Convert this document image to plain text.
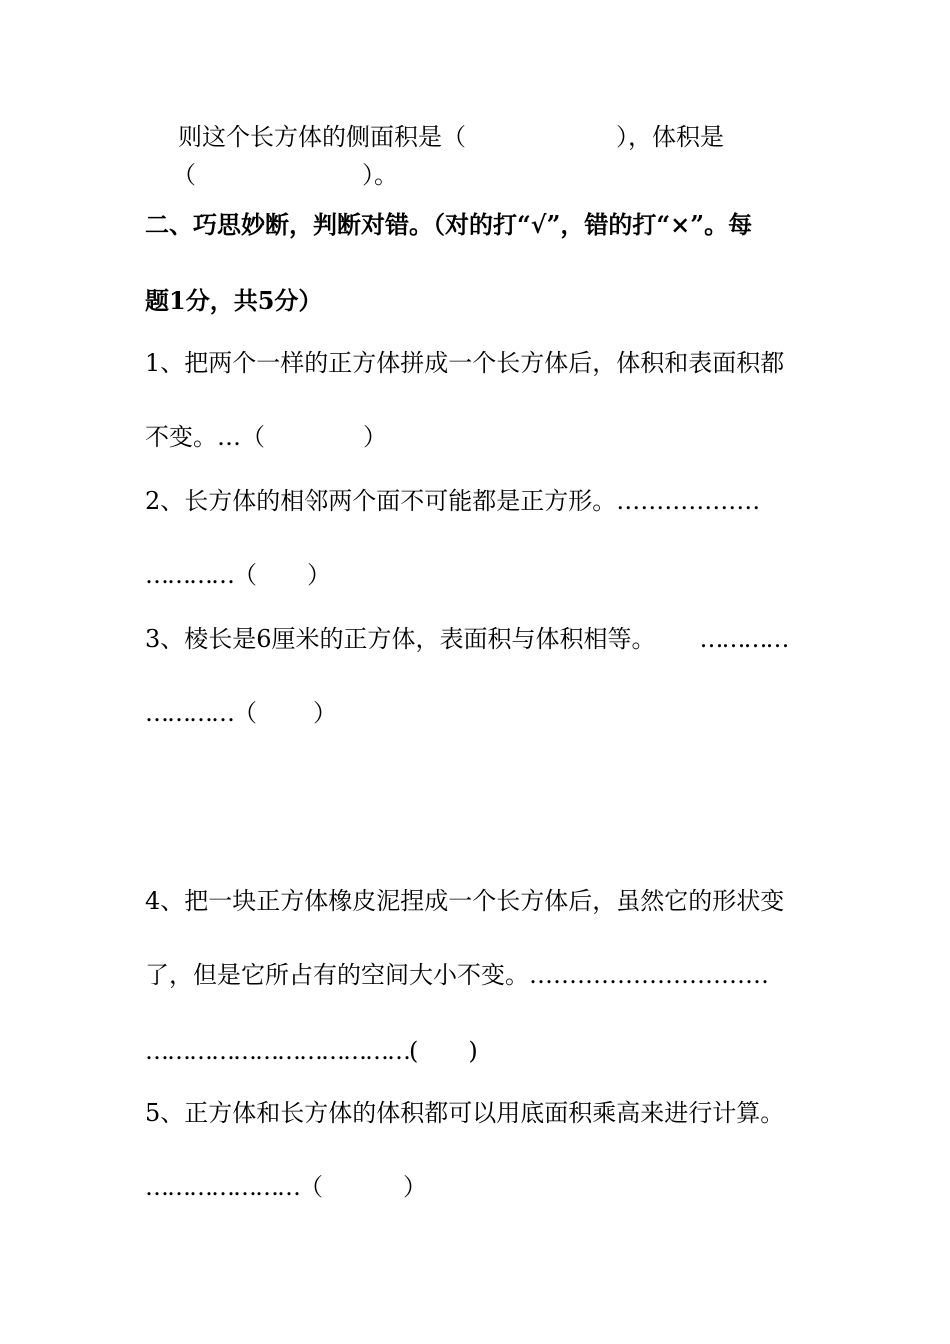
则这个长方体的侧面积是（	），体积是

（	）。

二、巧思妙断，判断对错。（对的打“√”，错的打“×”。每

题1分，共5分）

1、把两个一样的正方体拼成一个长方体后，体积和表面积都

不变。…（	）

2、长方体的相邻两个面不可能都是正方形。………………

…………（ ）

3、棱长是6厘米的正方体，表面积与体积相等。 …………

…………（ ）

4、把一块正方体橡皮泥捏成一个长方体后，虽然它的形状变

了，但是它所占有的空间大小不变。…………………………

………………………………( )

5、正方体和长方体的体积都可以用底面积乘高来进行计算。

…………………（	）
